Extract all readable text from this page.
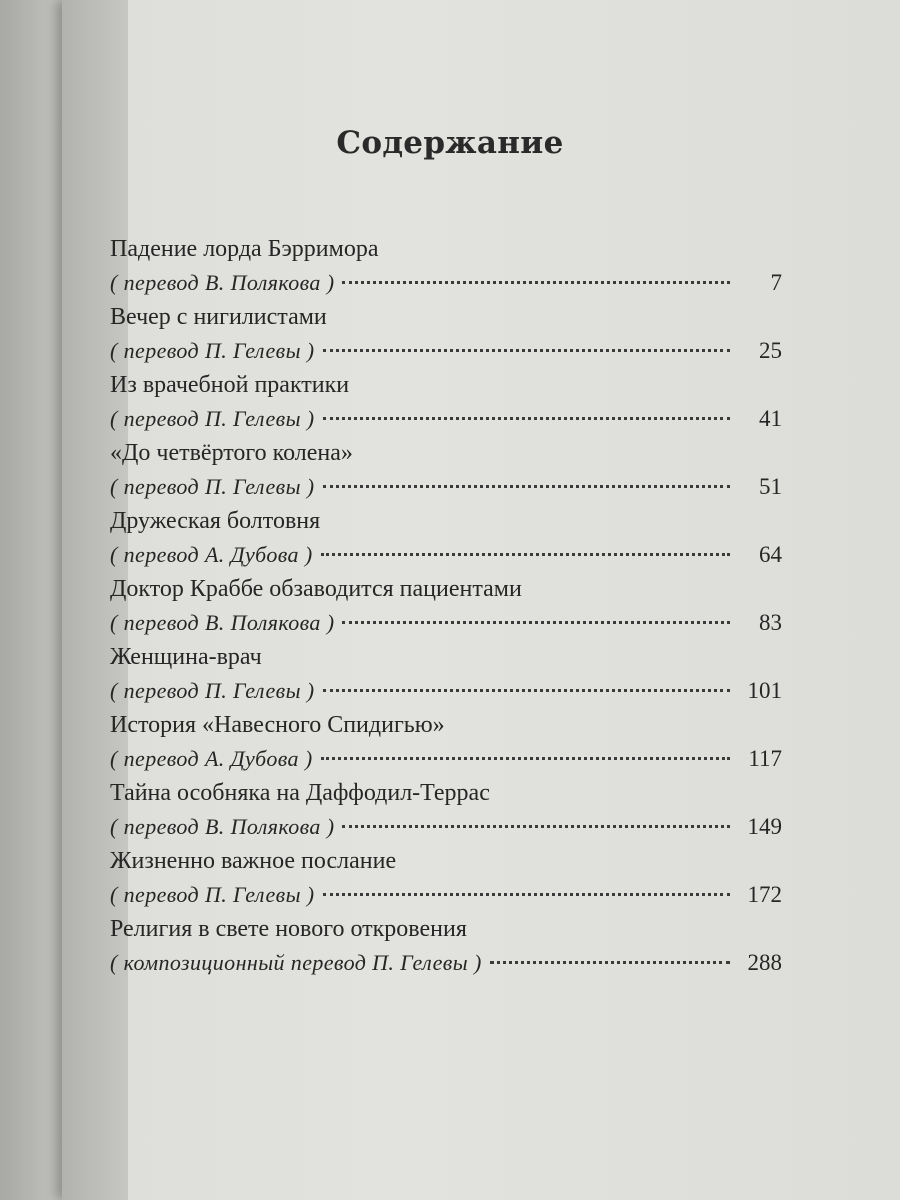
Содержание
Падение лорда Бэрримора
( перевод В. Полякова )	7
Вечер с нигилистами
( перевод П. Гелевы )	25
Из врачебной практики
( перевод П. Гелевы )	41
«До четвёртого колена»
( перевод П. Гелевы )	51
Дружеская болтовня
( перевод А. Дубова )	64
Доктор Краббе обзаводится пациентами
( перевод В. Полякова )	83
Женщина-врач
( перевод П. Гелевы )	101
История «Навесного Спидигью»
( перевод А. Дубова )	117
Тайна особняка на Даффодил-Террас
( перевод В. Полякова )	149
Жизненно важное послание
( перевод П. Гелевы )	172
Религия в свете нового откровения
( композиционный перевод П. Гелевы )	288
